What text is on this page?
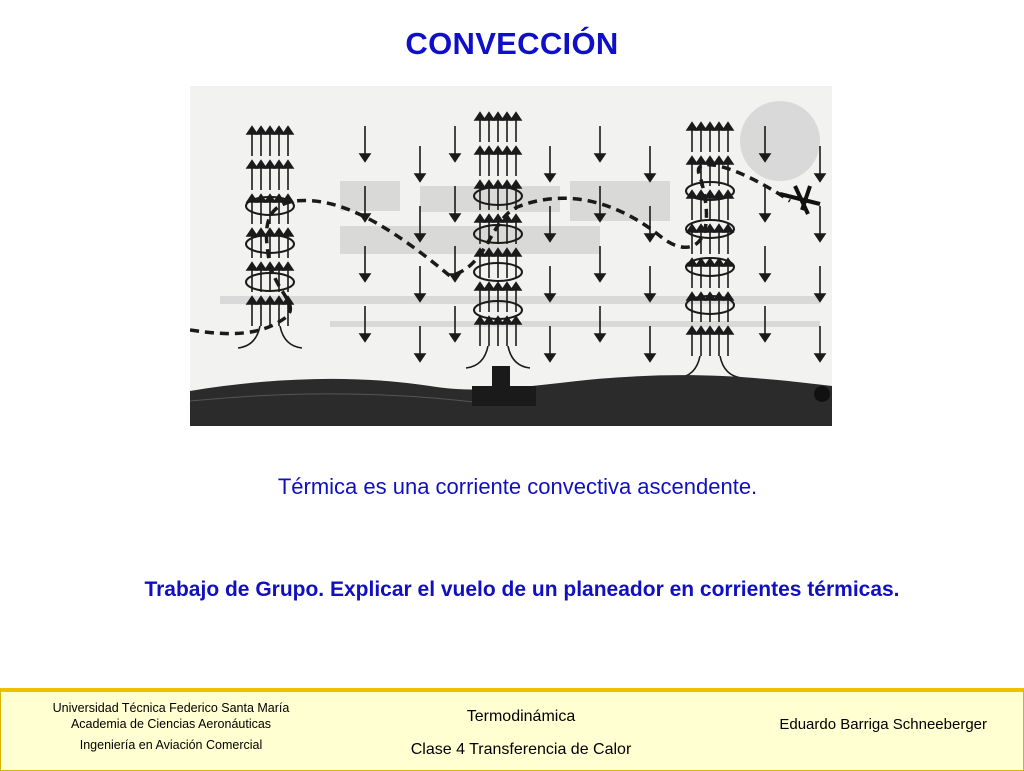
CONVECCIÓN
Térmica es una corriente convectiva ascendente.
Trabajo de Grupo. Explicar el vuelo de un planeador en corrientes térmicas.
Universidad Técnica Federico Santa María
Academia de Ciencias Aeronáuticas
Ingeniería en Aviación Comercial
Termodinámica
Clase 4 Transferencia de Calor
Eduardo Barriga Schneeberger
